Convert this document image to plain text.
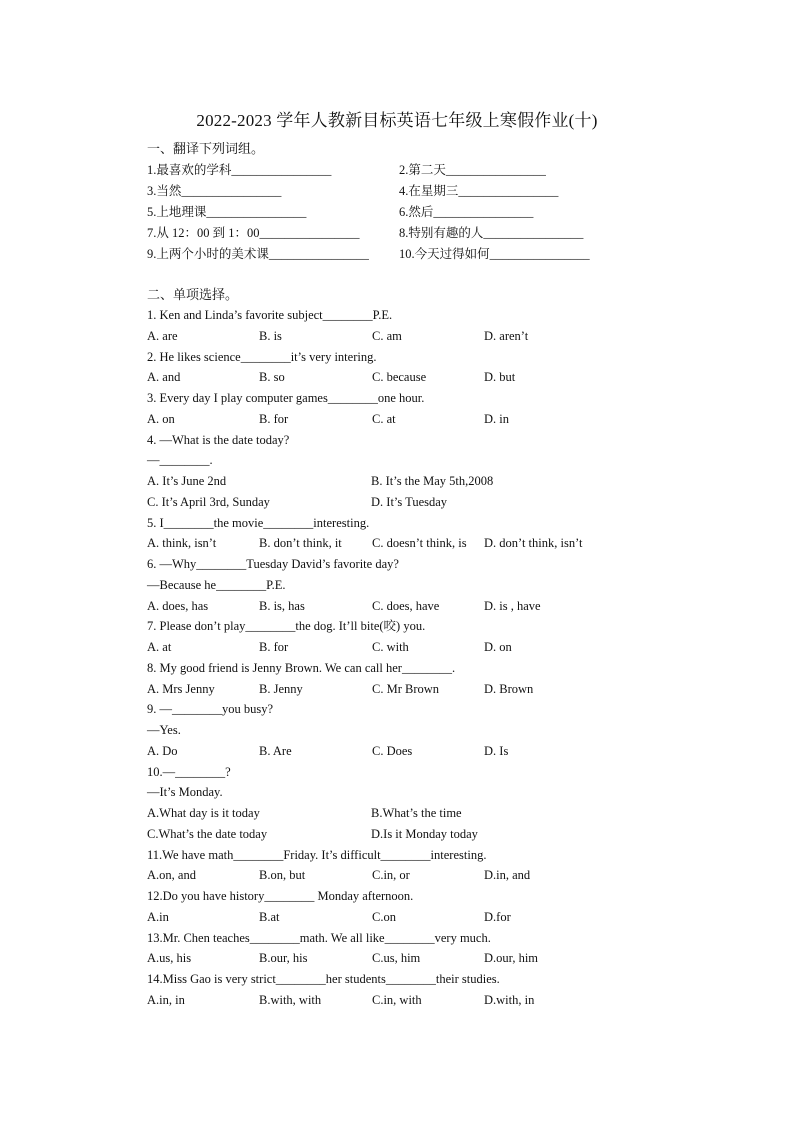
2022-2023 学年人教新目标英语七年级上寒假作业(十)
一、翻译下列词组。
1.最喜欢的学科________________	2.第二天________________
3.当然________________	4.在星期三________________
5.上地理课________________	6.然后________________
7.从 12：00 到 1：00________________	8.特别有趣的人________________
9.上两个小时的美术课________________ 10.今天过得如何________________
二、单项选择。
1. Ken and Linda’s favorite subject________P.E.
A. are	B. is	C. am	D. aren’t
2. He likes science________it’s very intering.
A. and	B. so	C. because	D. but
3. Every day I play computer games________one hour.
A. on	B. for	C. at	D. in
4. —What is the date today?
—________.
A. It’s June 2nd	B. It’s the May 5th,2008
C. It’s April 3rd, Sunday	D. It’s Tuesday
5. I________the movie________interesting.
A. think, isn’t	B. don’t think, it C. doesn’t think, is D. don’t think, isn’t
6. —Why________Tuesday David’s favorite day?
—Because he________P.E.
A. does, has	B. is, has	C. does, have	D. is , have
7. Please don’t play________the dog. It’ll bite(咬) you.
A. at	B. for	C. with	D. on
8. My good friend is Jenny Brown. We can call her________.
A. Mrs Jenny	B. Jenny	C. Mr Brown	D. Brown
9. —________you busy?
—Yes.
A. Do	B. Are	C. Does	D. Is
10.—________?
—It’s Monday.
A.What day is it today	B.What’s the time
C.What’s the date today	D.Is it Monday today
11.We have math________Friday. It’s difficult________interesting.
A.on, and	B.on, but	C.in, or	D.in, and
12.Do you have history________ Monday afternoon.
A.in	B.at	C.on	D.for
13.Mr. Chen teaches________math. We all like________very much.
A.us, his	B.our, his	C.us, him	D.our, him
14.Miss Gao is very strict________her students________their studies.
A.in, in	B.with, with	C.in, with	D.with, in
